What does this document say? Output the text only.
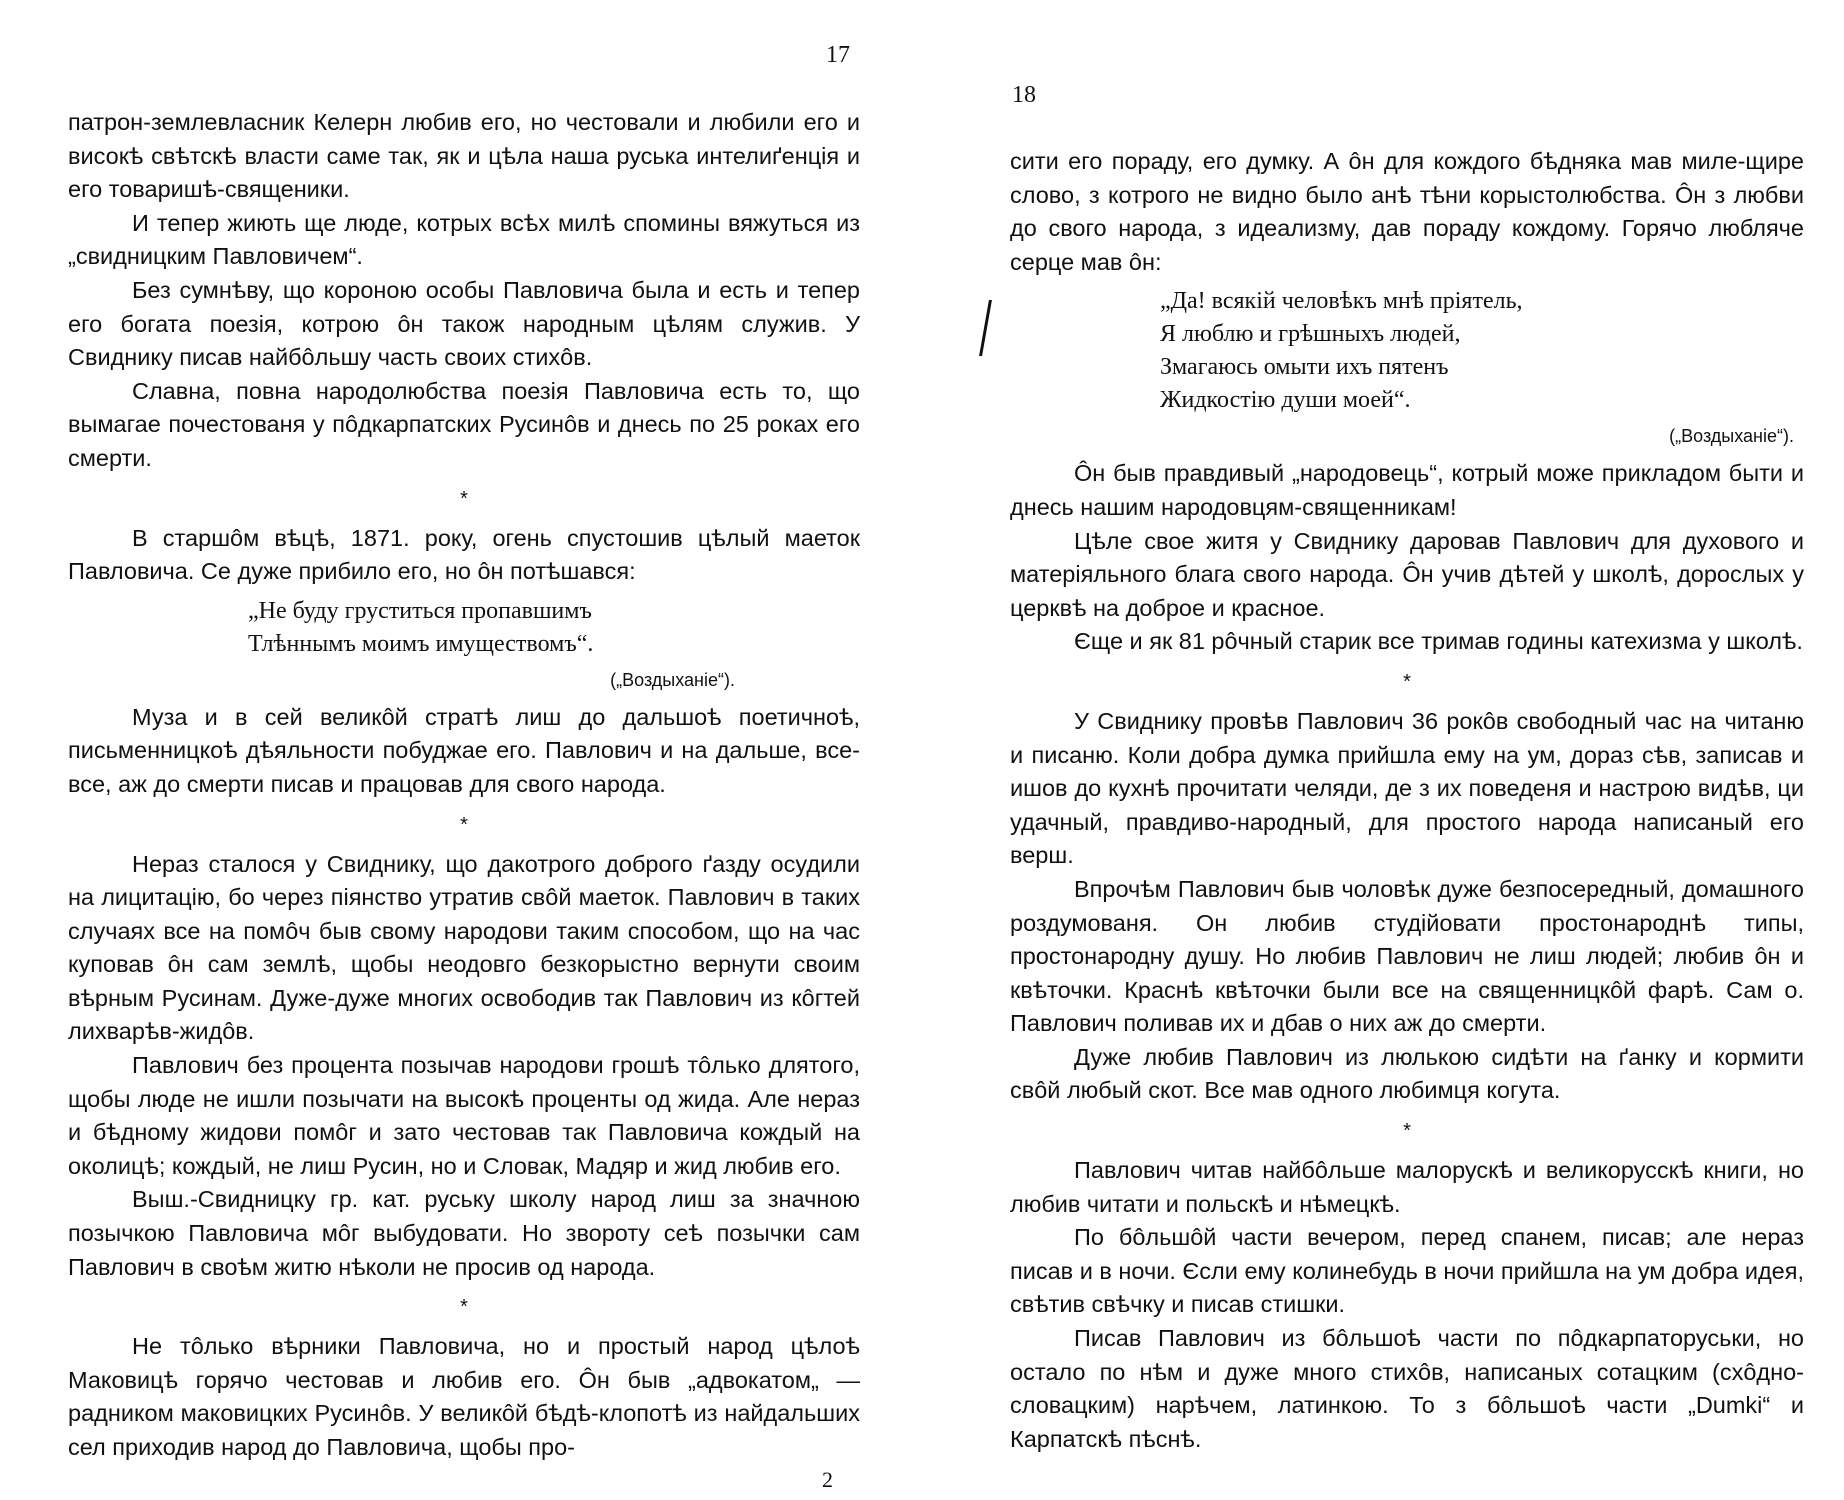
17

патрон-землевласник Келерн любив его, но честовали и любили его и високѣ свѣтскѣ власти саме так, як и цѣла наша руська интелиґенція и его товаришѣ-священики.

И тепер жиють ще люде, котрых всѣх милѣ спомины вяжуться из „свидницким Павловичем“.

Без сумнѣву, що короною особы Павловича была и есть и тепер его богата поезія, котрою ôн також народным цѣлям служив. У Свиднику писав найбôльшу часть своих стихôв.

Славна, повна народолюбства поезія Павловича есть то, що вымагае почестованя у пôдкарпатских Русинôв и днесь по 25 роках его смерти.

*

В старшôм вѣцѣ, 1871. року, огень спустошив цѣлый маеток Павловича. Се дуже прибило его, но ôн потѣшався:

„Не буду груститься пропавшимъ
Тлѣннымъ моимъ имуществомъ“.
(„Воздыханіе“).

Муза и в сей великôй стратѣ лиш до дальшоѣ поетичноѣ, письменницкоѣ дѣяльности побуджае его. Павлович и на дальше, все-все, аж до смерти писав и працовав для свого народа.

*

Нераз сталося у Свиднику, що дакотрого доброго ґазду осудили на лицитацію, бо через піянство утратив свôй маеток. Павлович в таких случаях все на помôч быв свому народови таким способом, що на час куповав ôн сам землѣ, щобы неодовго безкорыстно вернути своим вѣрным Русинам. Дуже-дуже многих освободив так Павлович из кôгтей лихварѣв-жидôв.

Павлович без процента позычав народови грошѣ тôлько длятого, щобы люде не ишли позычати на высокѣ проценты од жида. Але нераз и бѣдному жидови помôг и зато честовав так Павловича кождый на околицѣ; кождый, не лиш Русин, но и Словак, Мадяр и жид любив его.

Выш.-Свидницку гр. кат. руську школу народ лиш за значною позычкою Павловича мôг выбудовати. Но звороту сеѣ позычки сам Павлович в своѣм житю нѣколи не просив од народа.

*

Не тôлько вѣрники Павловича, но и простый народ цѣлоѣ Маковицѣ горячо честовав и любив его. Ôн быв „адвокатом„ — радником маковицких Русинôв. У великôй бѣдѣ-клопотѣ из найдальших сел приходив народ до Павловича, щобы про-

2
18

сити его пораду, его думку. А ôн для кождого бѣдняка мав миле-щире слово, з котрого не видно было анѣ тѣни корыстолюбства. Ôн з любви до свого народа, з идеализму, дав пораду кождому. Горячо любляче серце мав ôн:

„Да! всякій человѣкъ мнѣ пріятель,
Я люблю и грѣшныхъ людей,
Змагаюсь омыти ихъ пятенъ
Жидкостію души моей“.
(„Воздыханіе“).

Ôн быв правдивый „народовець“, котрый може прикладом быти и днесь нашим народовцям-священникам!

Цѣле свое житя у Свиднику даровав Павлович для духового и матеріяльного блага свого народа. Ôн учив дѣтей у школѣ, дорослых у церквѣ на доброе и красное.

Єще и як 81 рôчный старик все тримав годины катехизма у школѣ.

*

У Свиднику провѣв Павлович 36 рокôв свободный час на читаню и писаню. Коли добра думка прийшла ему на ум, дораз сѣв, записав и ишов до кухнѣ прочитати челяди, де з их поведеня и настрою видѣв, ци удачный, правдиво-народный, для простого народа написаный его верш.

Впрочѣм Павлович быв чоловѣк дуже безпосередный, домашного роздумованя. Он любив студійовати простонароднѣ типы, простонародну душу. Но любив Павлович не лиш людей; любив ôн и квѣточки. Краснѣ квѣточки были все на священницкôй фарѣ. Сам о. Павлович поливав их и дбав о них аж до смерти.

Дуже любив Павлович из люлькою сидѣти на ґанку и кормити свôй любый скот. Все мав одного любимця когута.

*

Павлович читав найбôльше малорускѣ и великорусскѣ книги, но любив читати и польскѣ и нѣмецкѣ.

По бôльшôй части вечером, перед спанем, писав; але нераз писав и в ночи. Єсли ему колинебудь в ночи прийшла на ум добра идея, свѣтив свѣчку и писав стишки.

Писав Павлович из бôльшоѣ части по пôдкарпаторуськи, но остало по нѣм и дуже много стихôв, написаных сотацким (схôдно-словацким) нарѣчем, латинкою. То з бôльшоѣ части „Dumki“ и Карпатскѣ пѣснѣ.
